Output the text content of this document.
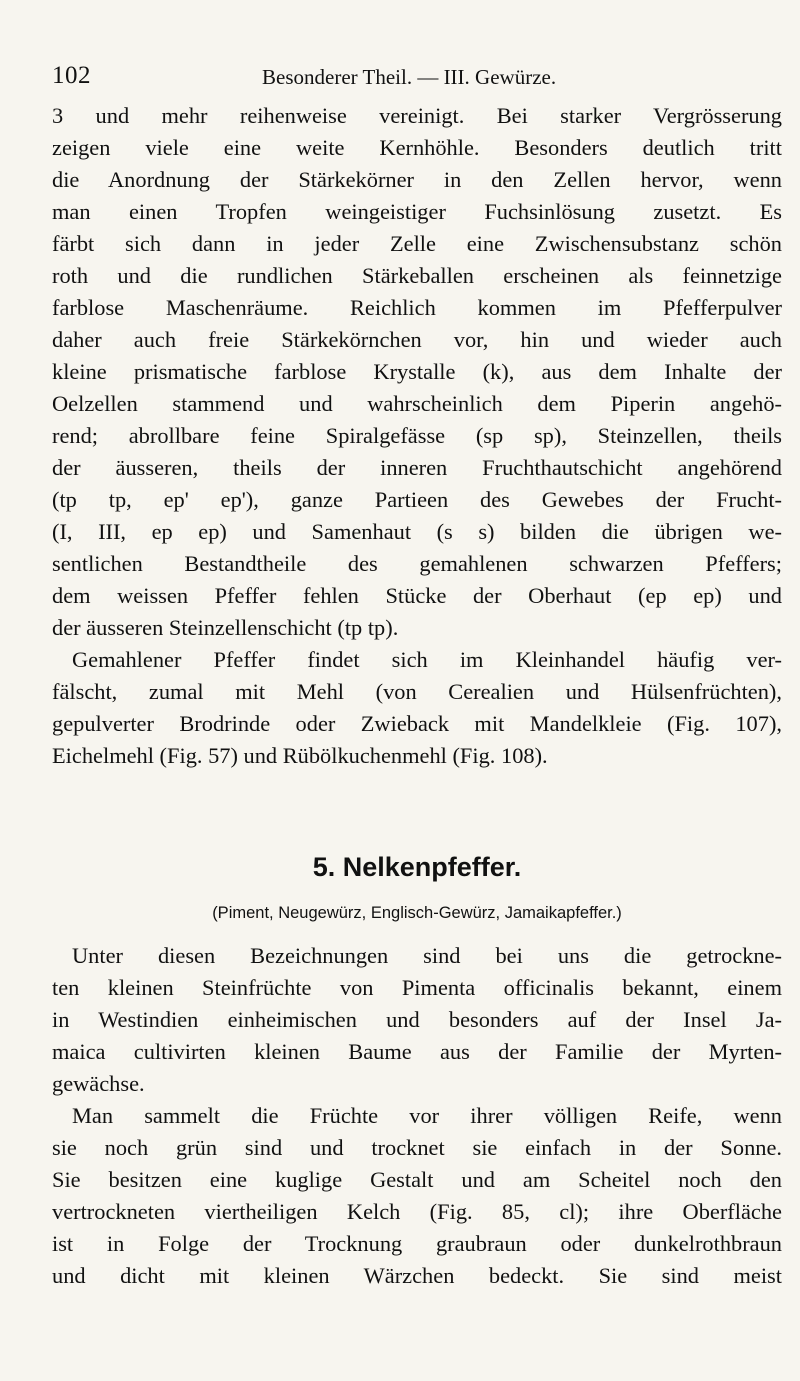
102	Besonderer Theil. — III. Gewürze.

3 und mehr reihenweise vereinigt. Bei starker Vergrösserung
zeigen viele eine weite Kernhöhle. Besonders deutlich tritt
die Anordnung der Stärkekörner in den Zellen hervor, wenn
man einen Tropfen weingeistiger Fuchsinlösung zusetzt. Es
färbt sich dann in jeder Zelle eine Zwischensubstanz schön
roth und die rundlichen Stärkeballen erscheinen als feinnetzige
farblose Maschenräume. Reichlich kommen im Pfefferpulver
daher auch freie Stärkekörnchen vor, hin und wieder auch
kleine prismatische farblose Krystalle (k), aus dem Inhalte der
Oelzellen stammend und wahrscheinlich dem Piperin angehö-
rend; abrollbare feine Spiralgefässe (sp sp), Steinzellen, theils
der äusseren, theils der inneren Fruchthautschicht angehörend
(tp tp, ep' ep'), ganze Partieen des Gewebes der Frucht-
(I, III, ep ep) und Samenhaut (s s) bilden die übrigen we-
sentlichen Bestandtheile des gemahlenen schwarzen Pfeffers;
dem weissen Pfeffer fehlen Stücke der Oberhaut (ep ep) und
der äusseren Steinzellenschicht (tp tp).

Gemahlener Pfeffer findet sich im Kleinhandel häufig ver-
fälscht, zumal mit Mehl (von Cerealien und Hülsenfrüchten),
gepulverter Brodrinde oder Zwieback mit Mandelkleie (Fig. 107),
Eichelmehl (Fig. 57) und Rübölkuchenmehl (Fig. 108).

5. Nelkenpfeffer.
(Piment, Neugewürz, Englisch-Gewürz, Jamaikapfeffer.)

Unter diesen Bezeichnungen sind bei uns die getrockne-
ten kleinen Steinfrüchte von Pimenta officinalis bekannt, einem
in Westindien einheimischen und besonders auf der Insel Ja-
maica cultivirten kleinen Baume aus der Familie der Myrten-
gewächse.

Man sammelt die Früchte vor ihrer völligen Reife, wenn
sie noch grün sind und trocknet sie einfach in der Sonne.
Sie besitzen eine kuglige Gestalt und am Scheitel noch den
vertrockneten viertheiligen Kelch (Fig. 85, cl); ihre Oberfläche
ist in Folge der Trocknung graubraun oder dunkelrothbraun
und dicht mit kleinen Wärzchen bedeckt. Sie sind meist
